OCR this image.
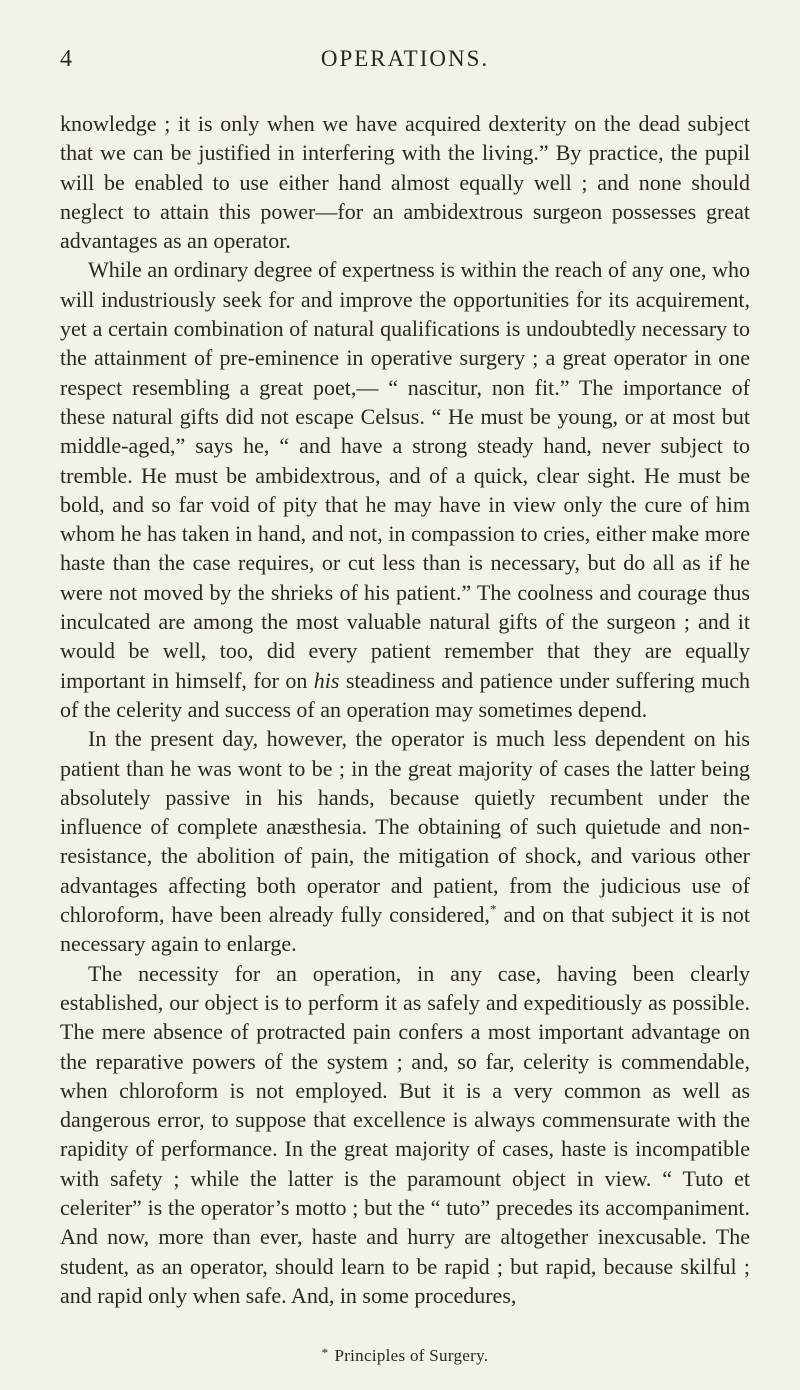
4	OPERATIONS.

knowledge ; it is only when we have acquired dexterity on the dead subject that we can be justified in interfering with the living.” By practice, the pupil will be enabled to use either hand almost equally well ; and none should neglect to attain this power—for an ambidextrous surgeon possesses great advantages as an operator.

While an ordinary degree of expertness is within the reach of any one, who will industriously seek for and improve the opportunities for its acquirement, yet a certain combination of natural qualifications is undoubtedly necessary to the attainment of pre-eminence in operative surgery ; a great operator in one respect resembling a great poet,— “ nascitur, non fit.” The importance of these natural gifts did not escape Celsus. “ He must be young, or at most but middle-aged,” says he, “ and have a strong steady hand, never subject to tremble. He must be ambidextrous, and of a quick, clear sight. He must be bold, and so far void of pity that he may have in view only the cure of him whom he has taken in hand, and not, in compassion to cries, either make more haste than the case requires, or cut less than is necessary, but do all as if he were not moved by the shrieks of his patient.” The coolness and courage thus inculcated are among the most valuable natural gifts of the surgeon ; and it would be well, too, did every patient remember that they are equally important in himself, for on his steadiness and patience under suffering much of the celerity and success of an operation may sometimes depend.

In the present day, however, the operator is much less dependent on his patient than he was wont to be ; in the great majority of cases the latter being absolutely passive in his hands, because quietly recumbent under the influence of complete anæsthesia. The obtaining of such quietude and non-resistance, the abolition of pain, the mitigation of shock, and various other advantages affecting both operator and patient, from the judicious use of chloroform, have been already fully considered,* and on that subject it is not necessary again to enlarge.

The necessity for an operation, in any case, having been clearly established, our object is to perform it as safely and expeditiously as possible. The mere absence of protracted pain confers a most important advantage on the reparative powers of the system ; and, so far, celerity is commendable, when chloroform is not employed. But it is a very common as well as dangerous error, to suppose that excellence is always commensurate with the rapidity of performance. In the great majority of cases, haste is incompatible with safety ; while the latter is the paramount object in view. “ Tuto et celeriter” is the operator’s motto ; but the “ tuto” precedes its accompaniment. And now, more than ever, haste and hurry are altogether inexcusable. The student, as an operator, should learn to be rapid ; but rapid, because skilful ; and rapid only when safe. And, in some procedures,

* Principles of Surgery.
